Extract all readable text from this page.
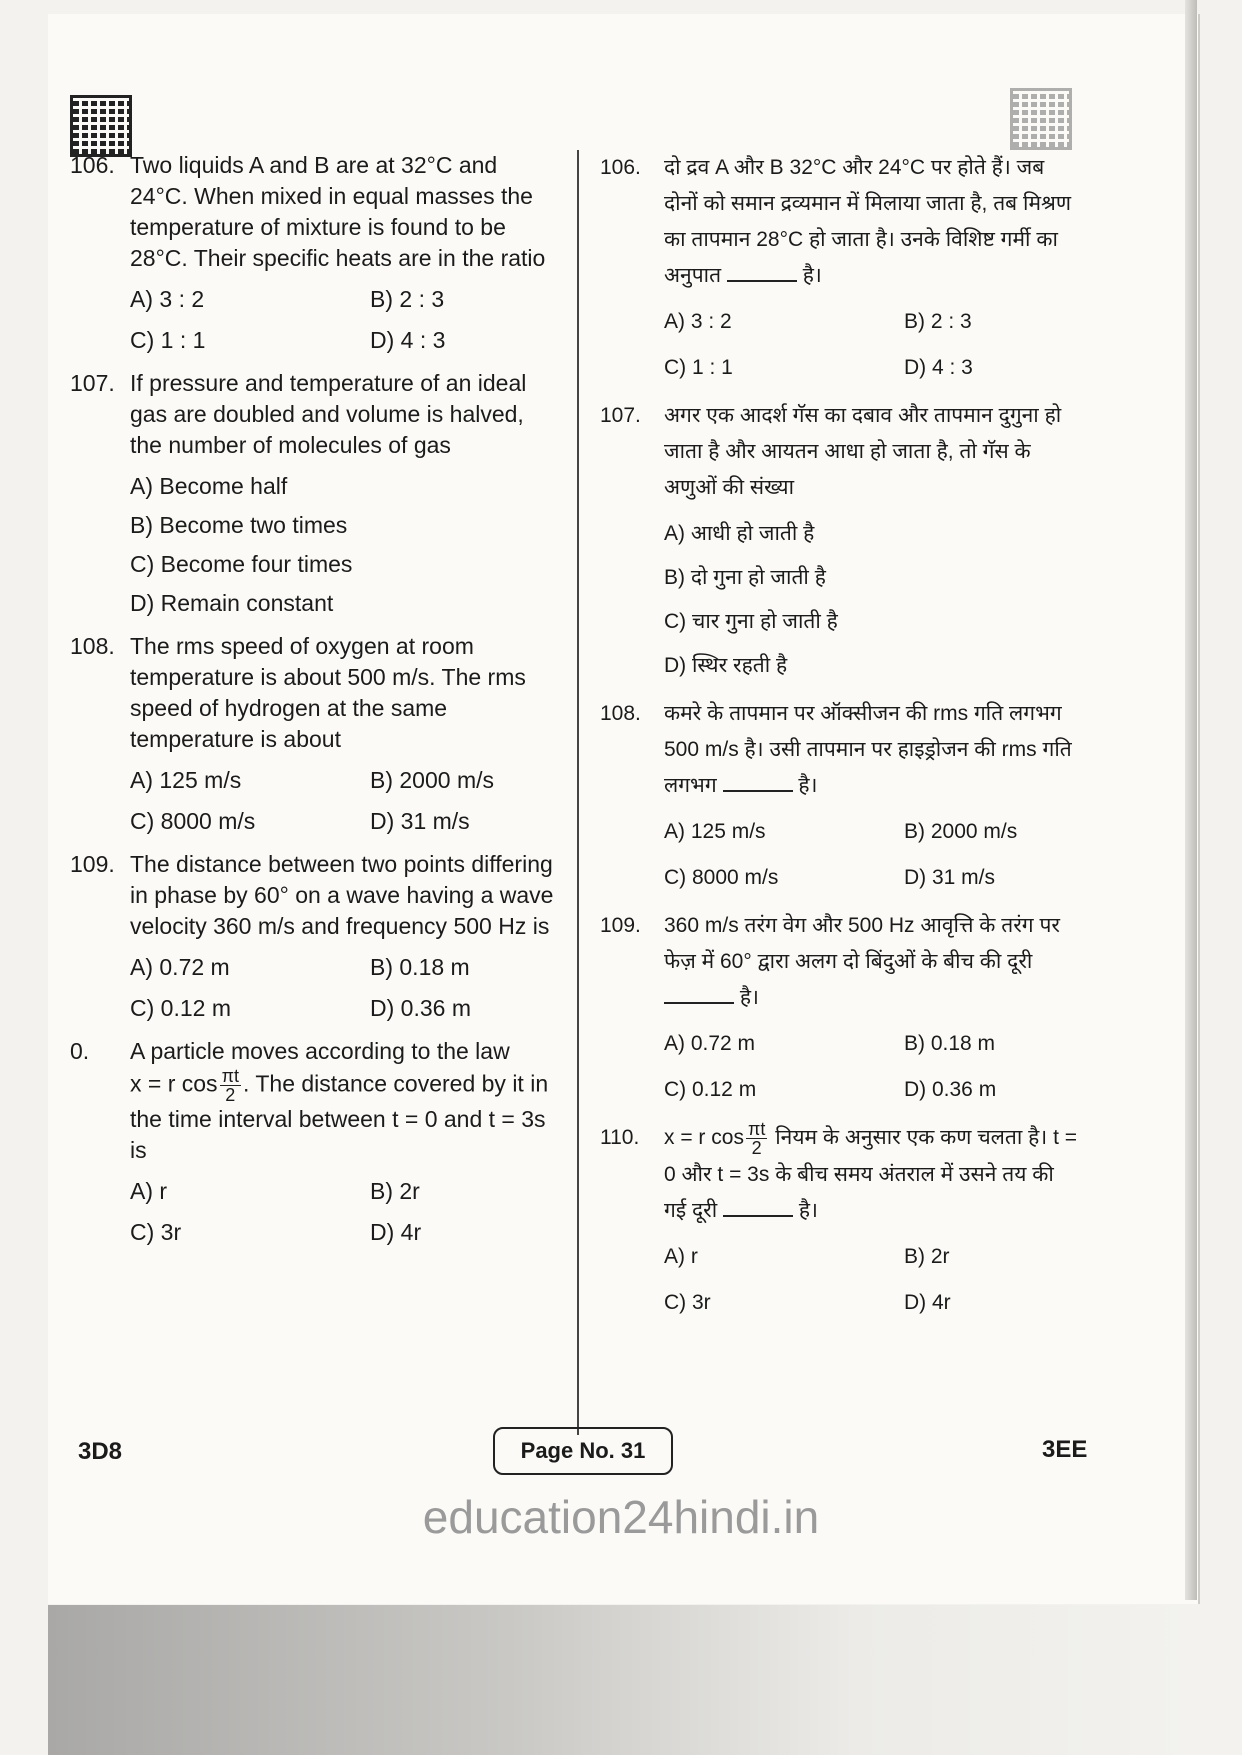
106. Two liquids A and B are at 32°C and 24°C. When mixed in equal masses the temperature of mixture is found to be 28°C. Their specific heats are in the ratio
A) 3 : 2	B) 2 : 3
C) 1 : 1	D) 4 : 3
107. If pressure and temperature of an ideal gas are doubled and volume is halved, the number of molecules of gas
A) Become half
B) Become two times
C) Become four times
D) Remain constant
108. The rms speed of oxygen at room temperature is about 500 m/s. The rms speed of hydrogen at the same temperature is about
A) 125 m/s	B) 2000 m/s
C) 8000 m/s	D) 31 m/s
109. The distance between two points differing in phase by 60° on a wave having a wave velocity 360 m/s and frequency 500 Hz is
A) 0.72 m	B) 0.18 m
C) 0.12 m	D) 0.36 m
0. A particle moves according to the law
x = r $\cos \frac{\pi t}{2}$ . The distance covered by it in the time interval between t = 0 and t = 3s is
A) r	B) 2r
C) 3r	D) 4r
106. दो द्रव A और B 32°C और 24°C पर होते हैं। जब दोनों को समान द्रव्यमान में मिलाया जाता है, तब मिश्रण का तापमान 28°C हो जाता है। उनके विशिष्ट गर्मी का अनुपात	है।
A) 3 : 2	B) 2 : 3
C) 1 : 1	D) 4 : 3
107. अगर एक आदर्श गॅस का दबाव और तापमान दुगुना हो जाता है और आयतन आधा हो जाता है, तो गॅस के अणुओं की संख्या
A) आधी हो जाती है
B) दो गुना हो जाती है
C) चार गुना हो जाती है
D) स्थिर रहती है
108. कमरे के तापमान पर ऑक्सीजन की rms गति लगभग 500 m/s है। उसी तापमान पर हाइड्रोजन की rms गति लगभग	है।
A) 125 m/s	B) 2000 m/s
C) 8000 m/s	D) 31 m/s
109. 360 m/s तरंग वेग और 500 Hz आवृत्ति के तरंग पर फेज़ में 60° द्वारा अलग दो बिंदुओं के बीच की दूरी  है।
A) 0.72 m	B) 0.18 m
C) 0.12 m	D) 0.36 m
110. x = r $\cos \frac{\pi t}{2}$ नियम के अनुसार एक कण चलता है। t = 0 और t = 3s के बीच समय अंतराल में उसने तय की गई दूरी	है।
A) r	B) 2r
C) 3r	D) 4r
3D8	Page No. 31	3EE
education24hindi.in
